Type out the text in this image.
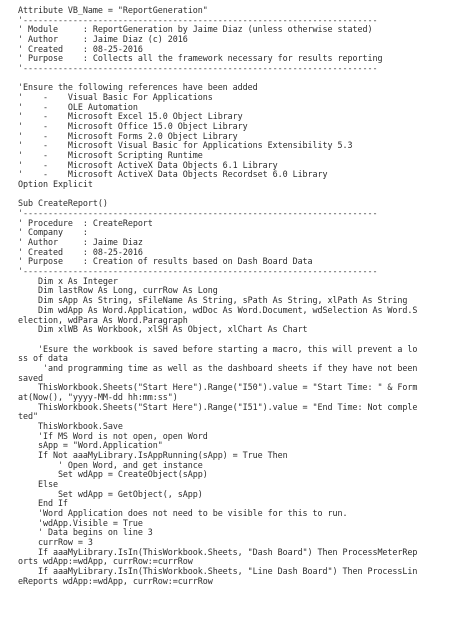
Attribute VB_Name = "ReportGeneration"
'-----------------------------------------------------------------------
' Module     : ReportGeneration by Jaime Diaz (unless otherwise stated)
' Author     : Jaime Diaz (c) 2016
' Created    : 08-25-2016
' Purpose    : Collects all the framework necessary for results reporting
'-----------------------------------------------------------------------
'Ensure the following references have been added
'    -    Visual Basic For Applications
'    -    OLE Automation
'    -    Microsoft Excel 15.0 Object Library
'    -    Microsoft Office 15.0 Object Library
'    -    Microsoft Forms 2.0 Object Library
'    -    Microsoft Visual Basic for Applications Extensibility 5.3
'    -    Microsoft Scripting Runtime
'    -    Microsoft ActiveX Data Objects 6.1 Library
'    -    Microsoft ActiveX Data Objects Recordset 6.0 Library
Option Explicit
Sub CreateReport()
'-----------------------------------------------------------------------
' Procedure  : CreateReport
' Company    :
' Author     : Jaime Diaz
' Created    : 08-25-2016
' Purpose    : Creation of results based on Dash Board Data
'-----------------------------------------------------------------------
Dim x As Integer
Dim lastRow As Long, currRow As Long
Dim sApp As String, sFileName As String, sPath As String, xlPath As String
Dim wdApp As Word.Application, wdDoc As Word.Document, wdSelection As Word.S
election, wdPara As Word.Paragraph
Dim xlWB As Workbook, xlSH As Object, xlChart As Chart
'Esure the workbook is saved before starting a macro, this will prevent a lo
ss of data
'and programming time as well as the dashboard sheets if they have not been
saved
ThisWorkbook.Sheets("Start Here").Range("I50").value = "Start Time: " & Form
at(Now(), "yyyy-MM-dd hh:mm:ss")
ThisWorkbook.Sheets("Start Here").Range("I51").value = "End Time: Not comple
ted"
ThisWorkbook.Save
'If MS Word is not open, open Word
sApp = "Word.Application"
If Not aaaMyLibrary.IsAppRunning(sApp) = True Then
' Open Word, and get instance
Set wdApp = CreateObject(sApp)
Else
Set wdApp = GetObject(, sApp)
End If
'Word Application does not need to be visible for this to run.
'wdApp.Visible = True
' Data begins on line 3
currRow = 3
If aaaMyLibrary.IsIn(ThisWorkbook.Sheets, "Dash Board") Then ProcessMeterRep
orts wdApp:=wdApp, currRow:=currRow
If aaaMyLibrary.IsIn(ThisWorkbook.Sheets, "Line Dash Board") Then ProcessLin
eReports wdApp:=wdApp, currRow:=currRow
